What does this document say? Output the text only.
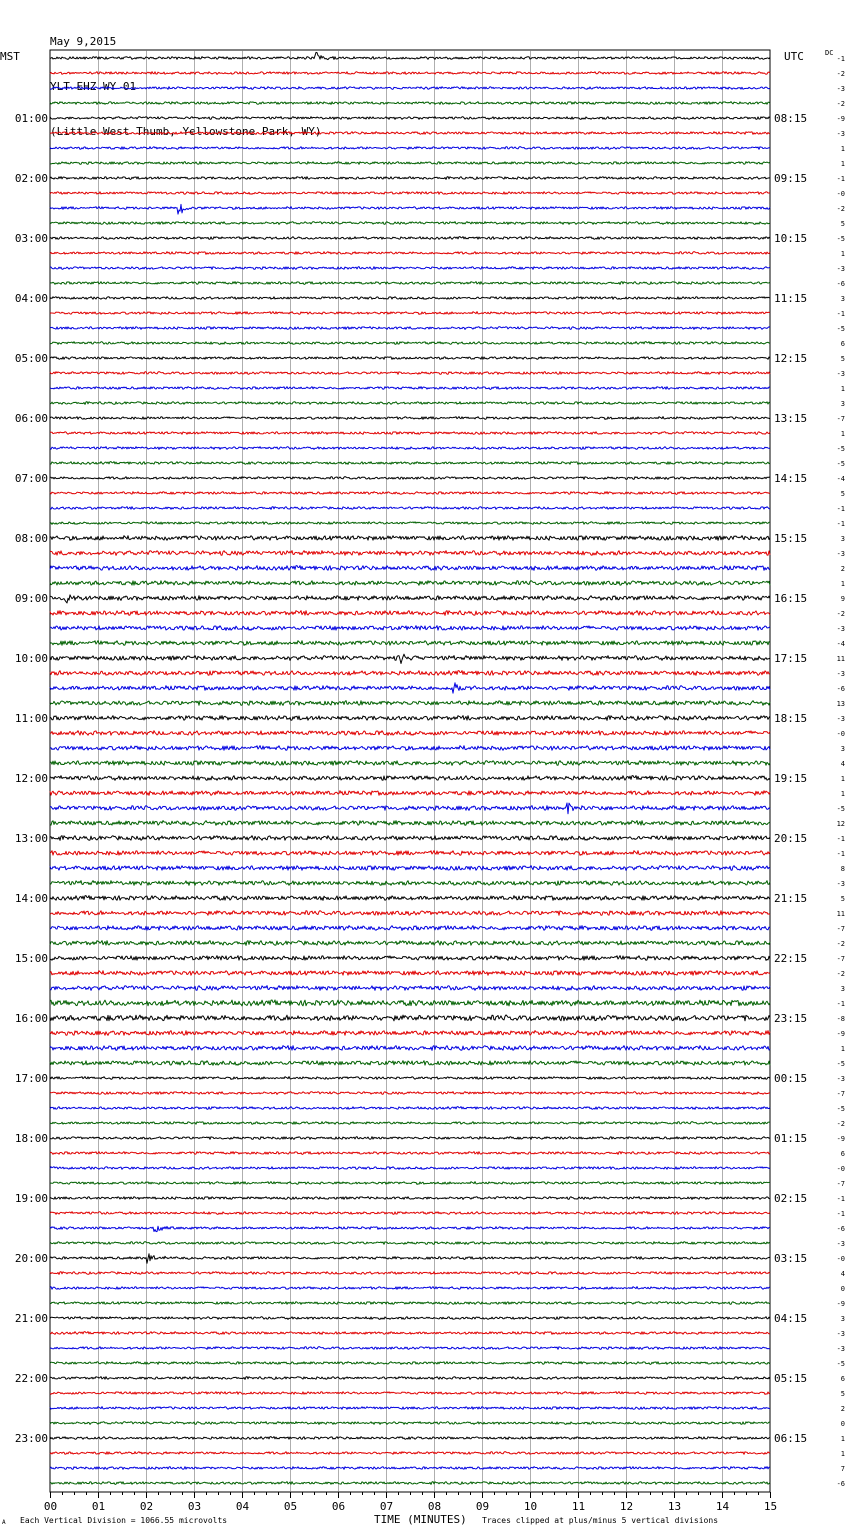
May 9,2015

YLT EHZ WY 01

(Little West Thumb, Yellowstone Park, WY)

MST	UTC	DC
00	01	02	03	04	05	06	07	08	09	10	11	12	13	14	15
-1
-2
-3
-2
-9
-3
1
1
-1
-0
-2
5
-5
1
-3
-6
3
-1
-5
6
5
-3
1
3
-7
1
-5
-5
-4
5
-1
-1
3
-3
2
1
9
-2
-3
-4
11
-3
-6
13
-3
-0
3
4
1
1
-5
12
-1
-1
8
-3
5
11
-7
-2
-7
-2
3
-1
-8
-9
1
-5
-3
-7
-5
-2
-9
6
-0
-7
-1
-1
-6
-3
-0
4
0
-9
3
-3
-3
-5
6
5
2
0
1
1
7
-6
01:00
02:00
03:00
04:00
05:00
06:00
07:00
08:00
09:00
10:00
11:00
12:00
13:00
14:00
15:00
16:00
17:00
18:00
19:00
20:00
21:00
22:00
23:00
08:15
09:15
10:15
11:15
12:15
13:15
14:15
15:15
16:15
17:15
18:15
19:15
20:15
21:15
22:15
23:15
00:15
01:15
02:15
03:15
04:15
05:15
06:15
TIME (MINUTES)
A Each Vertical Division = 1066.55 microvolts	Traces clipped at plus/minus 5 vertical divisions
